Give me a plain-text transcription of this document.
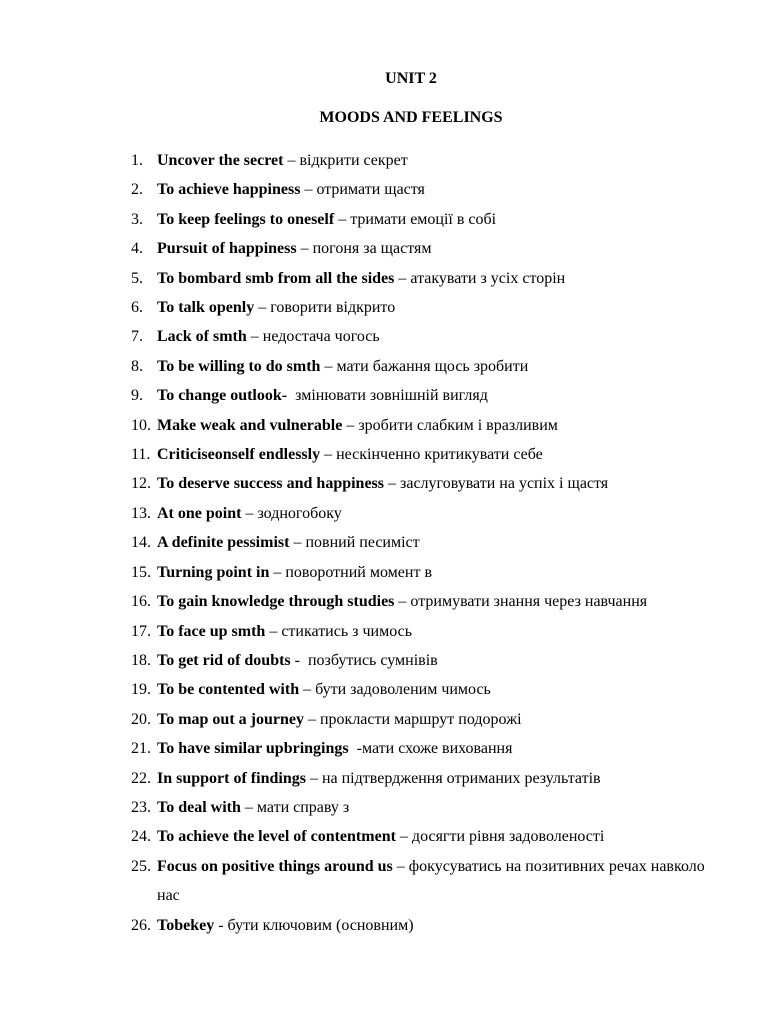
UNIT 2
MOODS AND FEELINGS
1. Uncover the secret – відкрити секрет
2. To achieve happiness – отримати щастя
3. To keep feelings to oneself – тримати емоції в собі
4. Pursuit of happiness – погоня за щастям
5. To bombard smb from all the sides – атакувати з усіх сторін
6. To talk openly – говорити відкрито
7. Lack of smth – недостача чогось
8. To be willing to do smth – мати бажання щось зробити
9. To change outlook- змінювати зовнішній вигляд
10. Make weak and vulnerable – зробити слабким і вразливим
11. Criticiseonself endlessly – нескінченно критикувати себе
12. To deserve success and happiness – заслуговувати на успіх і щастя
13. At one point – зодногобоку
14. A definite pessimist – повний песиміст
15. Turning point in – поворотний момент в
16. To gain knowledge through studies – отримувати знання через навчання
17. To face up smth – стикатись з чимось
18. To get rid of doubts -  позбутись сумнівів
19. To be contented with – бути задоволеним чимось
20. To map out a journey – прокласти маршрут подорожі
21. To have similar upbringings  -мати схоже виховання
22. In support of findings – на підтвердження отриманих результатів
23. To deal with – мати справу з
24. To achieve the level of contentment – досягти рівня задоволеності
25. Focus on positive things around us – фокусуватись на позитивних речах навколо нас
26. Tobekey - бути ключовим (основним)
